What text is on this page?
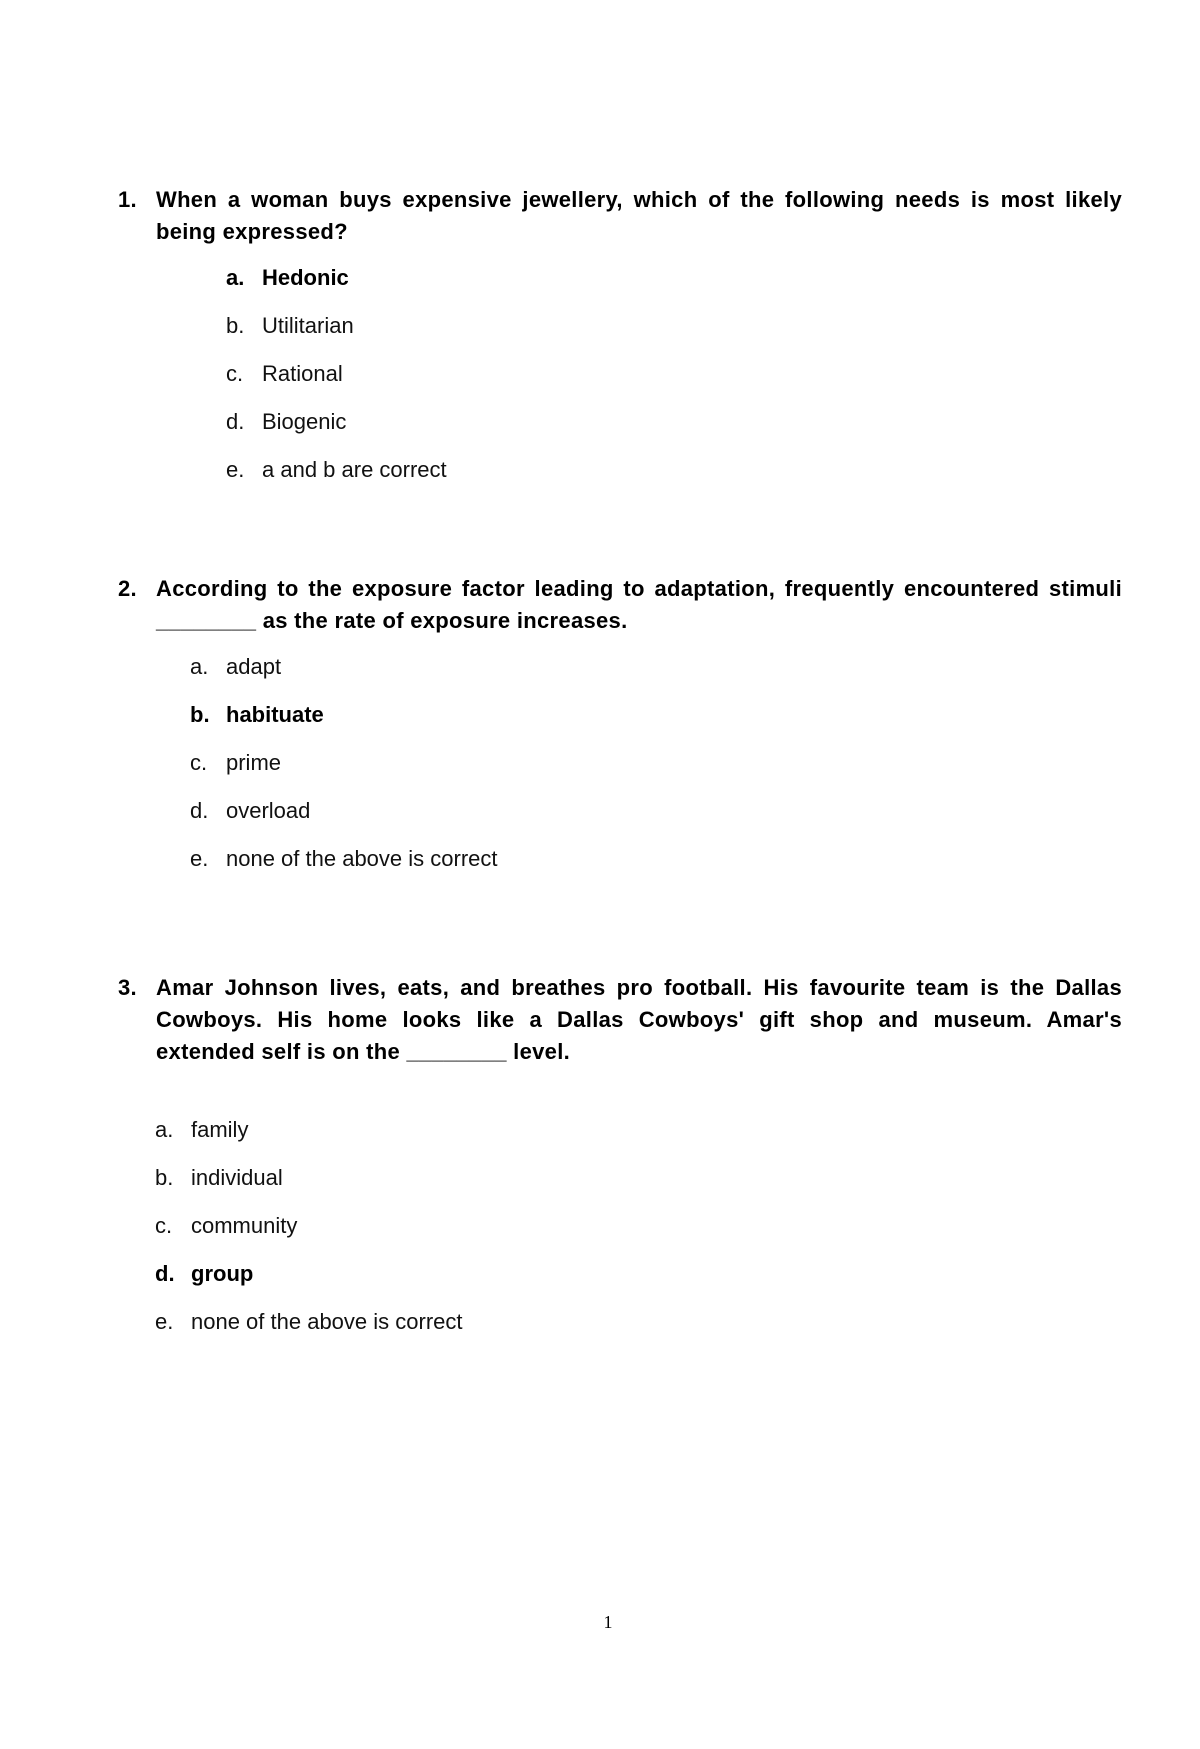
1. When a woman buys expensive jewellery, which of the following needs is most likely being expressed?
a. Hedonic
b. Utilitarian
c. Rational
d. Biogenic
e. a and b are correct
2. According to the exposure factor leading to adaptation, frequently encountered stimuli ________ as the rate of exposure increases.
a. adapt
b. habituate
c. prime
d. overload
e. none of the above is correct
3. Amar Johnson lives, eats, and breathes pro football. His favourite team is the Dallas Cowboys. His home looks like a Dallas Cowboys' gift shop and museum. Amar's extended self is on the ________ level.
a. family
b. individual
c. community
d. group
e. none of the above is correct
1
